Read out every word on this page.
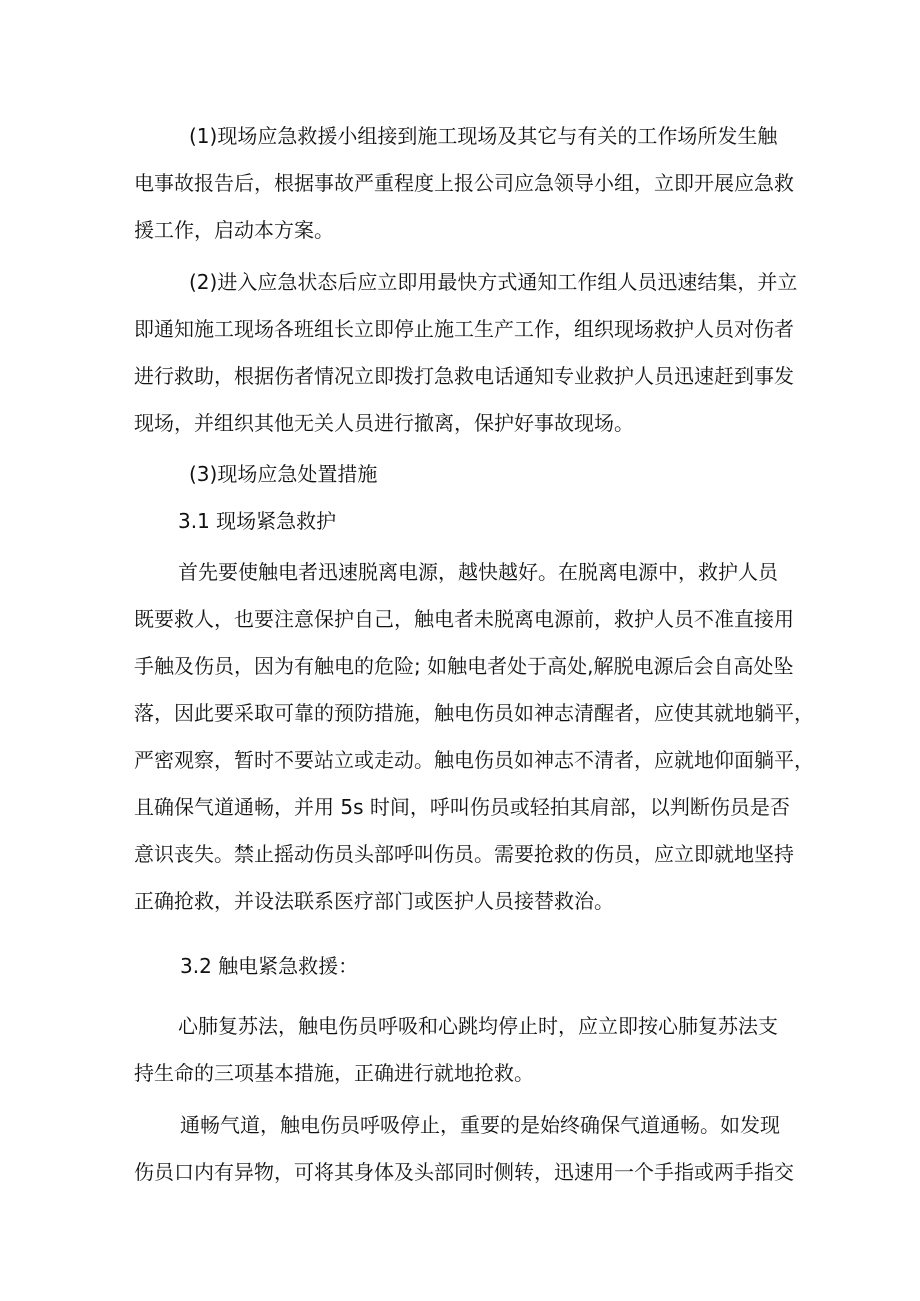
(1)现场应急救援小组接到施工现场及其它与有关的工作场所发生触

电事故报告后，根据事故严重程度上报公司应急领导小组，立即开展应急救

援工作，启动本方案。

(2)进入应急状态后应立即用最快方式通知工作组人员迅速结集，并立

即通知施工现场各班组长立即停止施工生产工作，组织现场救护人员对伤者

进行救助，根据伤者情况立即拨打急救电话通知专业救护人员迅速赶到事发

现场，并组织其他无关人员进行撤离，保护好事故现场。

(3)现场应急处置措施

3.1 现场紧急救护

首先要使触电者迅速脱离电源，越快越好。在脱离电源中，救护人员

既要救人，也要注意保护自己，触电者未脱离电源前，救护人员不准直接用

手触及伤员，因为有触电的危险; 如触电者处于高处,解脱电源后会自高处坠

落，因此要采取可靠的预防措施，触电伤员如神志清醒者，应使其就地躺平，

严密观察，暂时不要站立或走动。触电伤员如神志不清者，应就地仰面躺平，

且确保气道通畅，并用 5s 时间，呼叫伤员或轻拍其肩部，以判断伤员是否

意识丧失。禁止摇动伤员头部呼叫伤员。需要抢救的伤员，应立即就地坚持

正确抢救，并设法联系医疗部门或医护人员接替救治。

3.2 触电紧急救援：

心肺复苏法，触电伤员呼吸和心跳均停止时，应立即按心肺复苏法支

持生命的三项基本措施，正确进行就地抢救。

通畅气道，触电伤员呼吸停止，重要的是始终确保气道通畅。如发现

伤员口内有异物，可将其身体及头部同时侧转，迅速用一个手指或两手指交
